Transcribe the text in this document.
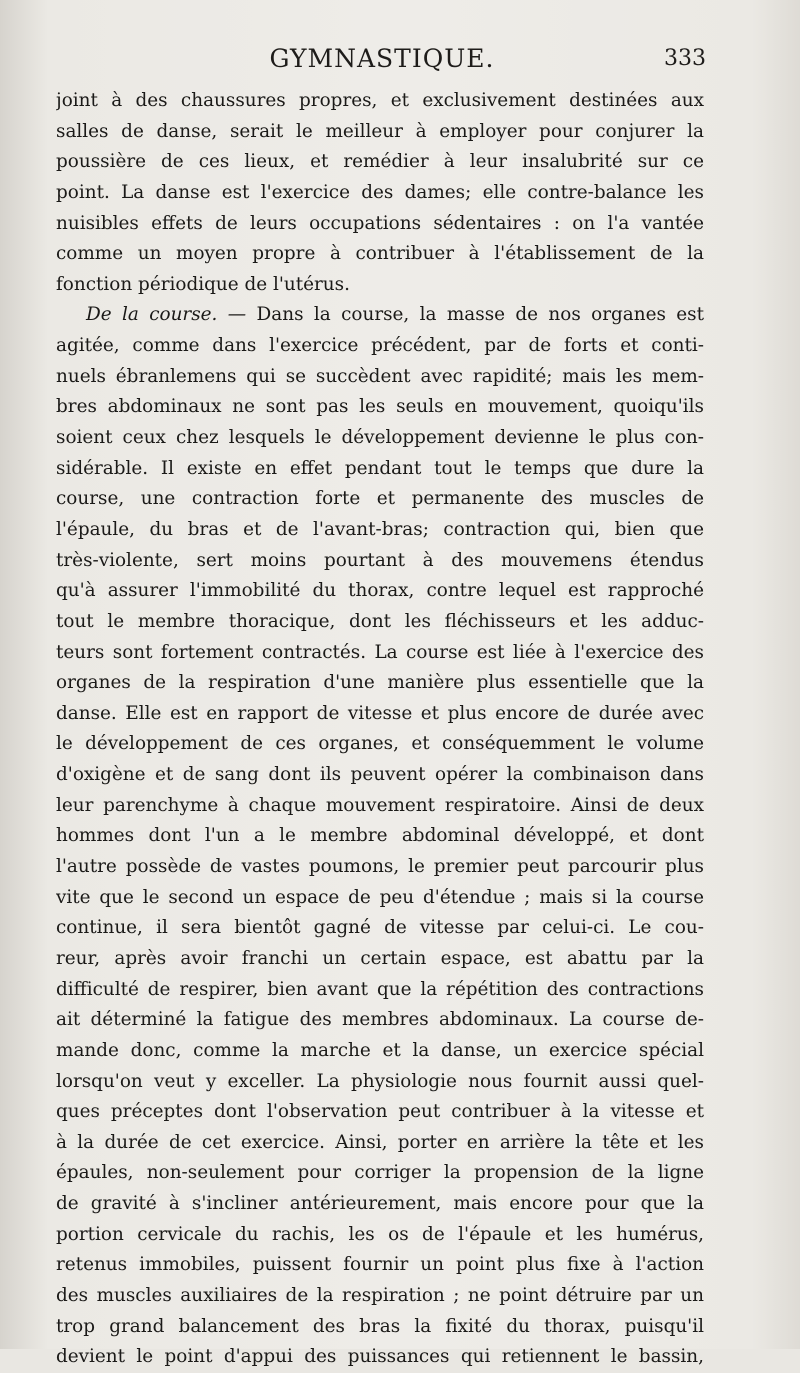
GYMNASTIQUE.	333
joint à des chaussures propres, et exclusivement destinées aux
salles de danse, serait le meilleur à employer pour conjurer la
poussière de ces lieux, et remédier à leur insalubrité sur ce
point. La danse est l'exercice des dames; elle contre-balance les
nuisibles effets de leurs occupations sédentaires : on l'a vantée
comme un moyen propre à contribuer à l'établissement de la
fonction périodique de l'utérus.
De la course. — Dans la course, la masse de nos organes est
agitée, comme dans l'exercice précédent, par de forts et conti-
nuels ébranlemens qui se succèdent avec rapidité; mais les mem-
bres abdominaux ne sont pas les seuls en mouvement, quoiqu'ils
soient ceux chez lesquels le développement devienne le plus con-
sidérable. Il existe en effet pendant tout le temps que dure la
course, une contraction forte et permanente des muscles de
l'épaule, du bras et de l'avant-bras; contraction qui, bien que
très-violente, sert moins pourtant à des mouvemens étendus
qu'à assurer l'immobilité du thorax, contre lequel est rapproché
tout le membre thoracique, dont les fléchisseurs et les adduc-
teurs sont fortement contractés. La course est liée à l'exercice des
organes de la respiration d'une manière plus essentielle que la
danse. Elle est en rapport de vitesse et plus encore de durée avec
le développement de ces organes, et conséquemment le volume
d'oxigène et de sang dont ils peuvent opérer la combinaison dans
leur parenchyme à chaque mouvement respiratoire. Ainsi de deux
hommes dont l'un a le membre abdominal développé, et dont
l'autre possède de vastes poumons, le premier peut parcourir plus
vite que le second un espace de peu d'étendue ; mais si la course
continue, il sera bientôt gagné de vitesse par celui-ci. Le cou-
reur, après avoir franchi un certain espace, est abattu par la
difficulté de respirer, bien avant que la répétition des contractions
ait déterminé la fatigue des membres abdominaux. La course de-
mande donc, comme la marche et la danse, un exercice spécial
lorsqu'on veut y exceller. La physiologie nous fournit aussi quel-
ques préceptes dont l'observation peut contribuer à la vitesse et
à la durée de cet exercice. Ainsi, porter en arrière la tête et les
épaules, non-seulement pour corriger la propension de la ligne
de gravité à s'incliner antérieurement, mais encore pour que la
portion cervicale du rachis, les os de l'épaule et les humérus,
retenus immobiles, puissent fournir un point plus fixe à l'action
des muscles auxiliaires de la respiration ; ne point détruire par un
trop grand balancement des bras la fixité du thorax, puisqu'il
devient le point d'appui des puissances qui retiennent le bassin,
